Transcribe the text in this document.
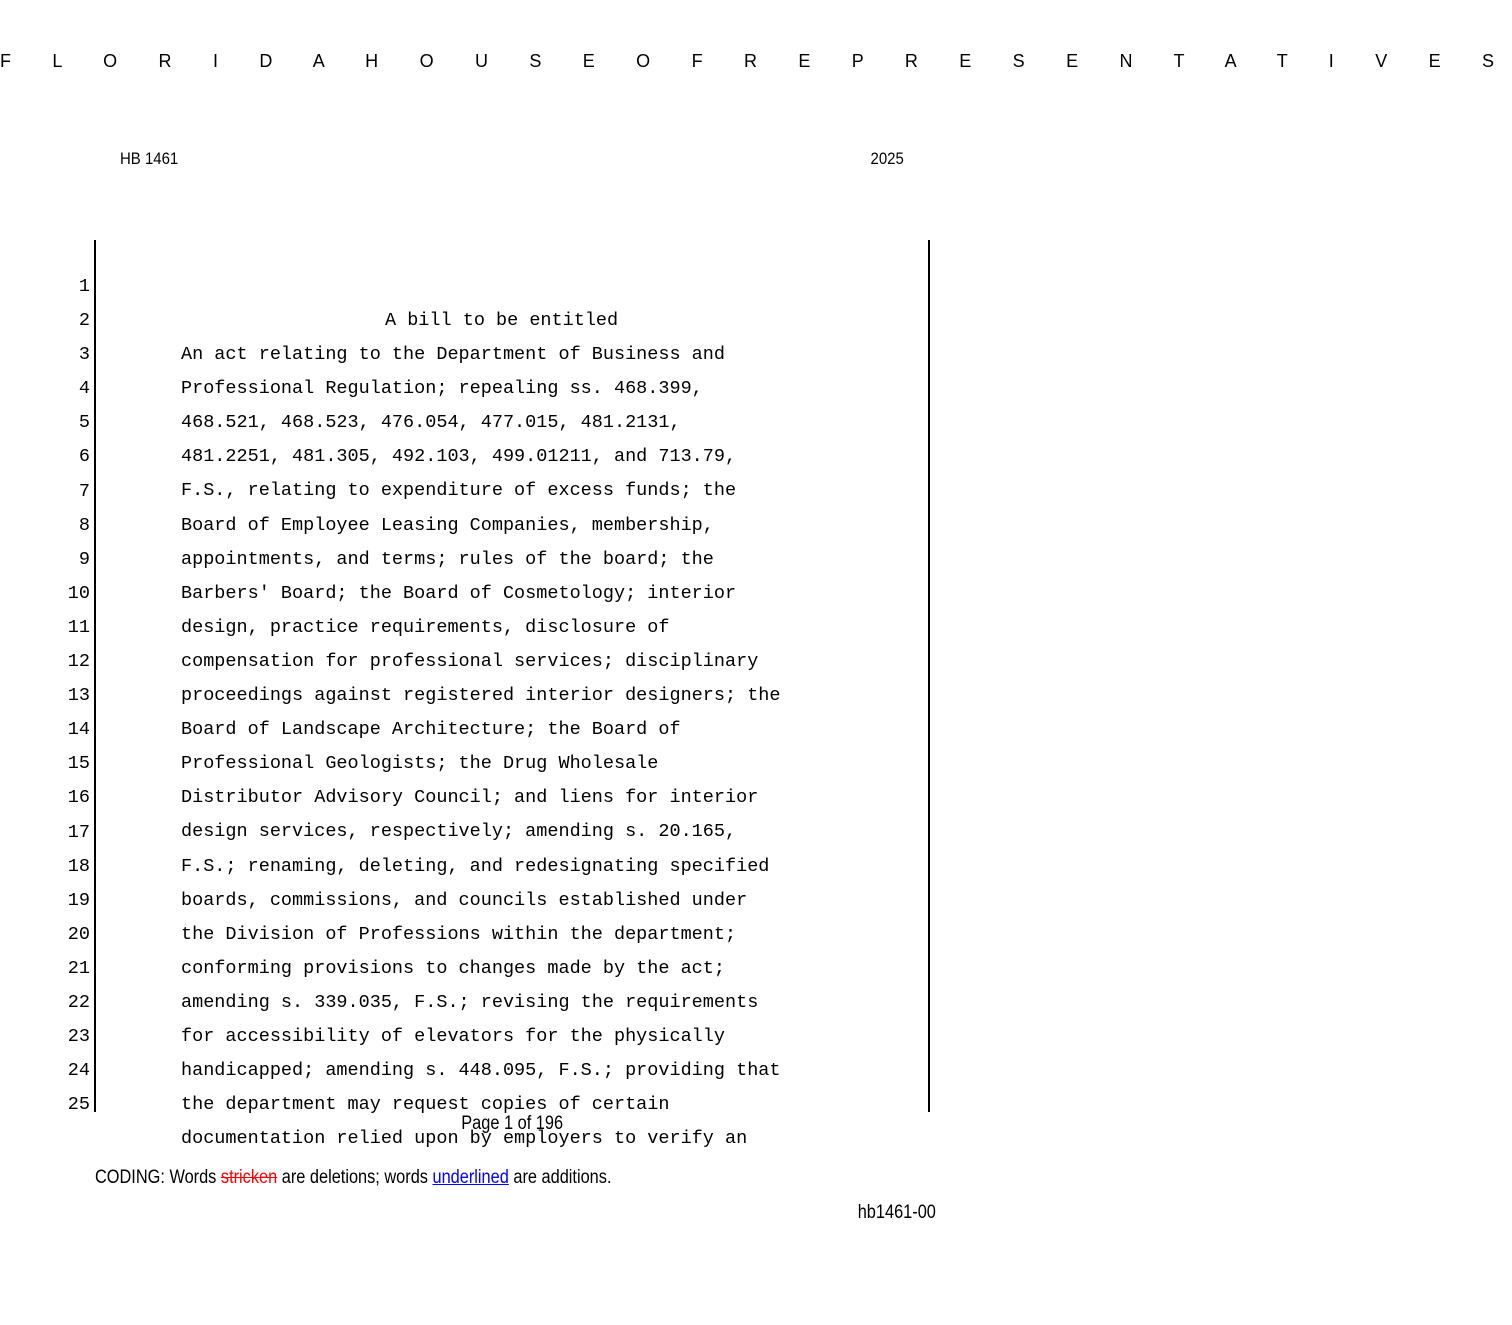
F L O R I D A H O U S E O F R E P R E S E N T A T I V E S
HB 1461	2025

1

A bill to be entitled

2

An act relating to the Department of Business and

3

Professional Regulation; repealing ss. 468.399,

4

468.521, 468.523, 476.054, 477.015, 481.2131,

5

481.2251, 481.305, 492.103, 499.01211, and 713.79,

6

F.S., relating to expenditure of excess funds; the

7

Board of Employee Leasing Companies, membership,

8

appointments, and terms; rules of the board; the

9

Barbers' Board; the Board of Cosmetology; interior

10

design, practice requirements, disclosure of

11

compensation for professional services; disciplinary

12

proceedings against registered interior designers; the

13

Board of Landscape Architecture; the Board of

14

Professional Geologists; the Drug Wholesale

15

Distributor Advisory Council; and liens for interior

16

design services, respectively; amending s. 20.165,

17

F.S.; renaming, deleting, and redesignating specified

18

boards, commissions, and councils established under

19

the Division of Professions within the department;

20

conforming provisions to changes made by the act;

21

amending s. 339.035, F.S.; revising the requirements

22

for accessibility of elevators for the physically

23

handicapped; amending s. 448.095, F.S.; providing that

24

the department may request copies of certain

25

documentation relied upon by employers to verify an

Page 1 of 196
CODING: Words stricken are deletions; words underlined are additions.
hb1461-00
